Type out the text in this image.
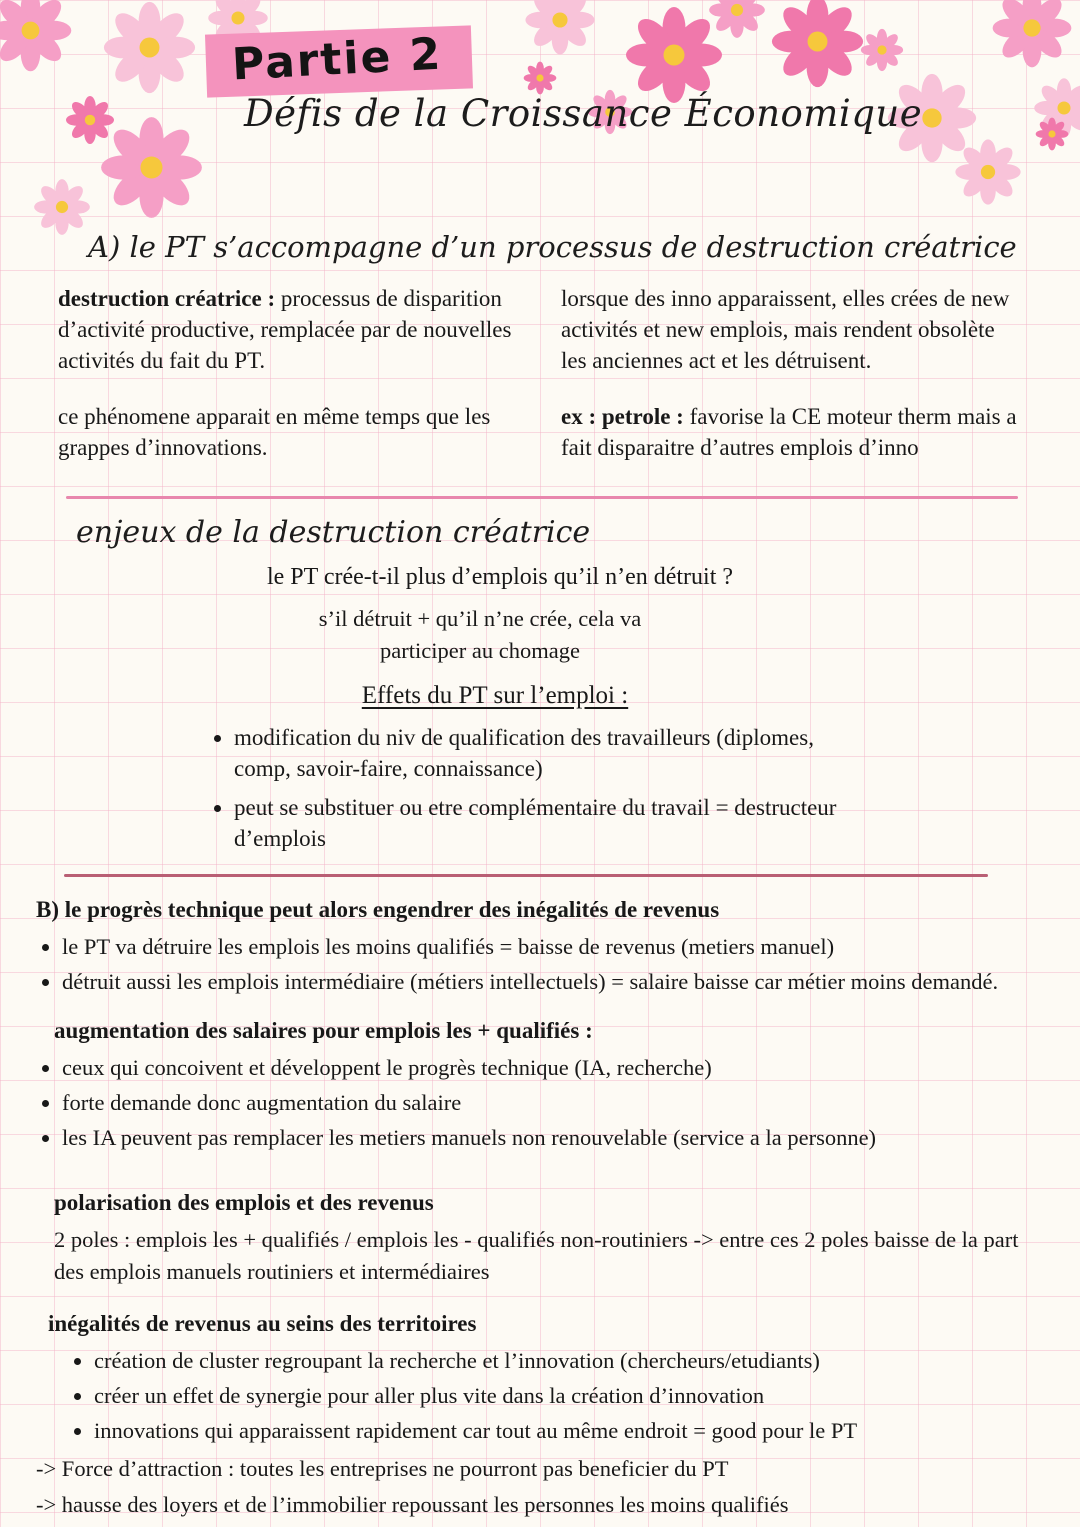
Partie 2
Défis de la Croissance Économique
A) le PT s’accompagne d’un processus de destruction créatrice

destruction créatrice : processus de disparition d’activité productive, remplacée par de nouvelles activités du fait du PT.

ce phénomene apparait en même temps que les grappes d’innovations.

lorsque des inno apparaissent, elles crées de new activités et new emplois, mais rendent obsolète les anciennes act et les détruisent.

ex : petrole : favorise la CE moteur therm mais a fait disparaitre d’autres emplois d’inno

enjeux de la destruction créatrice

le PT crée-t-il plus d’emplois qu’il n’en détruit ?

s’il détruit + qu’il n’ne crée, cela va
participer au chomage

Effets du PT sur l’emploi :

• modification du niv de qualification des travailleurs (diplomes, comp, savoir-faire, connaissance)
• peut se substituer ou etre complémentaire du travail = destructeur d’emplois
B) le progrès technique peut alors engendrer des inégalités de revenus
• le PT va détruire les emplois les moins qualifiés = baisse de revenus (metiers manuel)
• détruit aussi les emplois intermédiaire (métiers intellectuels) = salaire baisse car métier moins demandé.
augmentation des salaires pour emplois les + qualifiés :
• ceux qui concoivent et développent le progrès technique (IA, recherche)
• forte demande donc augmentation du salaire
• les IA peuvent pas remplacer les metiers manuels non renouvelable (service a la personne)
polarisation des emplois et des revenus

2 poles : emplois les + qualifiés / emplois les - qualifiés non-routiniers -> entre ces 2 poles baisse de la part des emplois manuels routiniers et intermédiaires

inégalités de revenus au seins des territoires
• création de cluster regroupant la recherche et l’innovation (chercheurs/etudiants)
• créer un effet de synergie pour aller plus vite dans la création d’innovation
• innovations qui apparaissent rapidement car tout au même endroit = good pour le PT

-> Force d’attraction : toutes les entreprises ne pourront pas beneficier du PT

-> hausse des loyers et de l’immobilier repoussant les personnes les moins qualifiés
